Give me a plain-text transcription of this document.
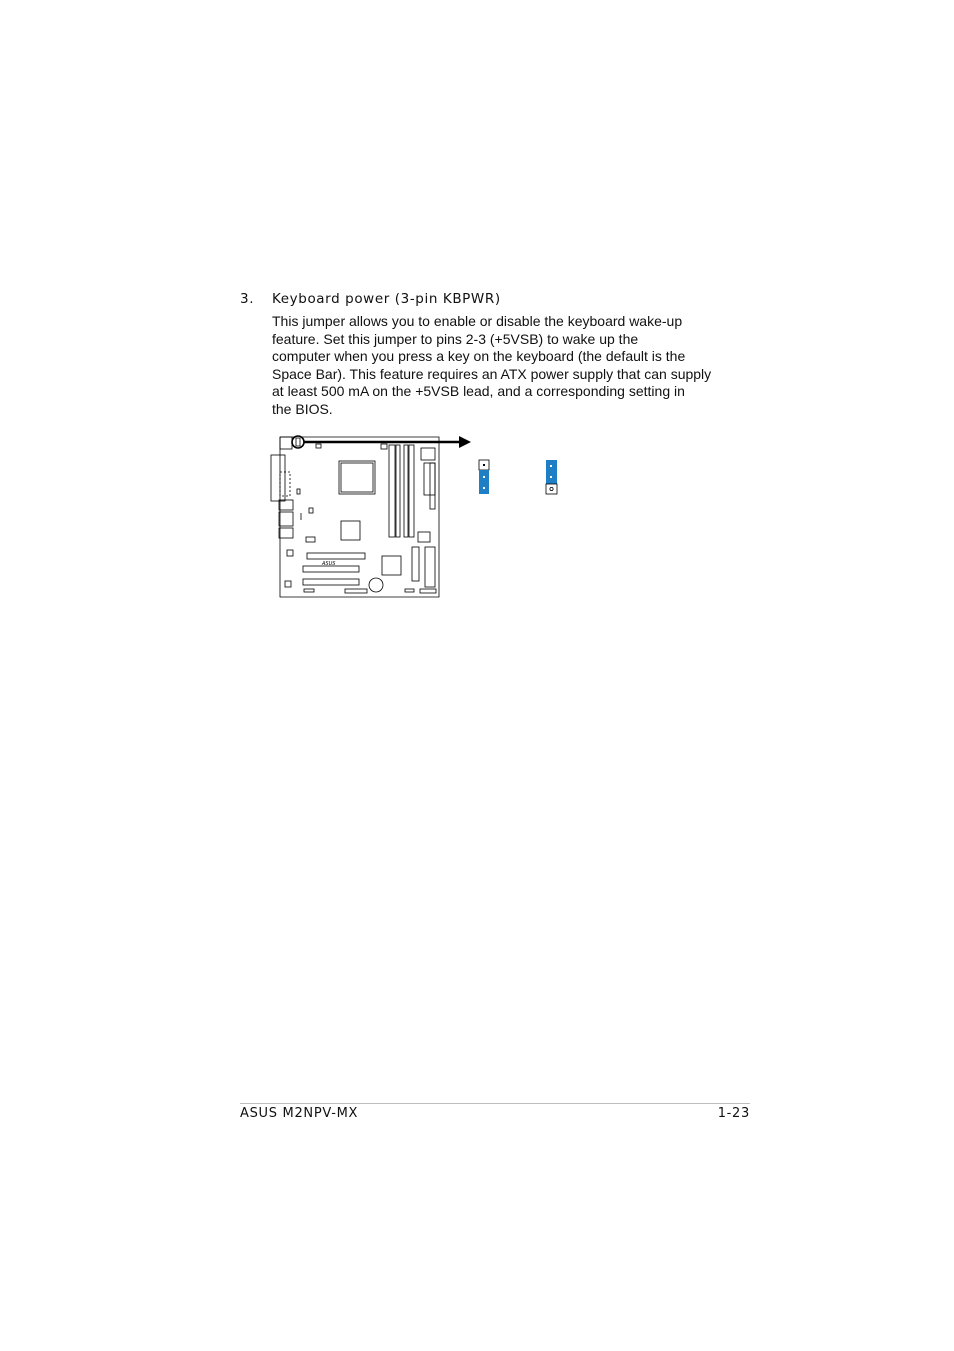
3. Keyboard power (3-pin KBPWR)

This jumper allows you to enable or disable the keyboard wake-up
feature. Set this jumper to pins 2-3 (+5VSB) to wake up the
computer when you press a key on the keyboard (the default is the
Space Bar). This feature requires an ATX power supply that can supply
at least 500 mA on the +5VSB lead, and a corresponding setting in
the BIOS.

ASUS
ASUS M2NPV-MX	1-23
